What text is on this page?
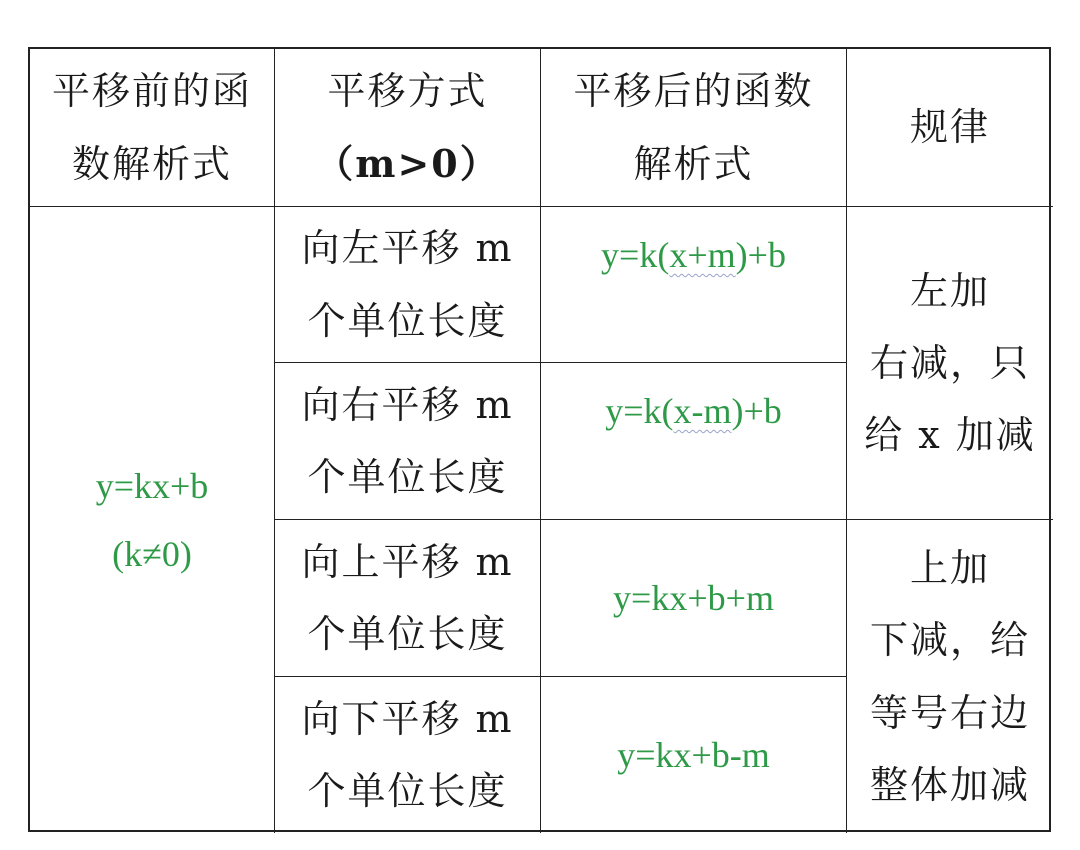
平移前的函
数解析式
平移方式
（m>0）
平移后的函数
解析式
规律
y=kx+b
(k≠0)
向左平移 m
个单位长度
y=k(x+m)+b
左加
右减，只
给 x 加减
向右平移 m
个单位长度
y=k(x-m)+b
向上平移 m
个单位长度
y=kx+b+m
上加
下减，给
等号右边
整体加减
向下平移 m
个单位长度
y=kx+b-m
